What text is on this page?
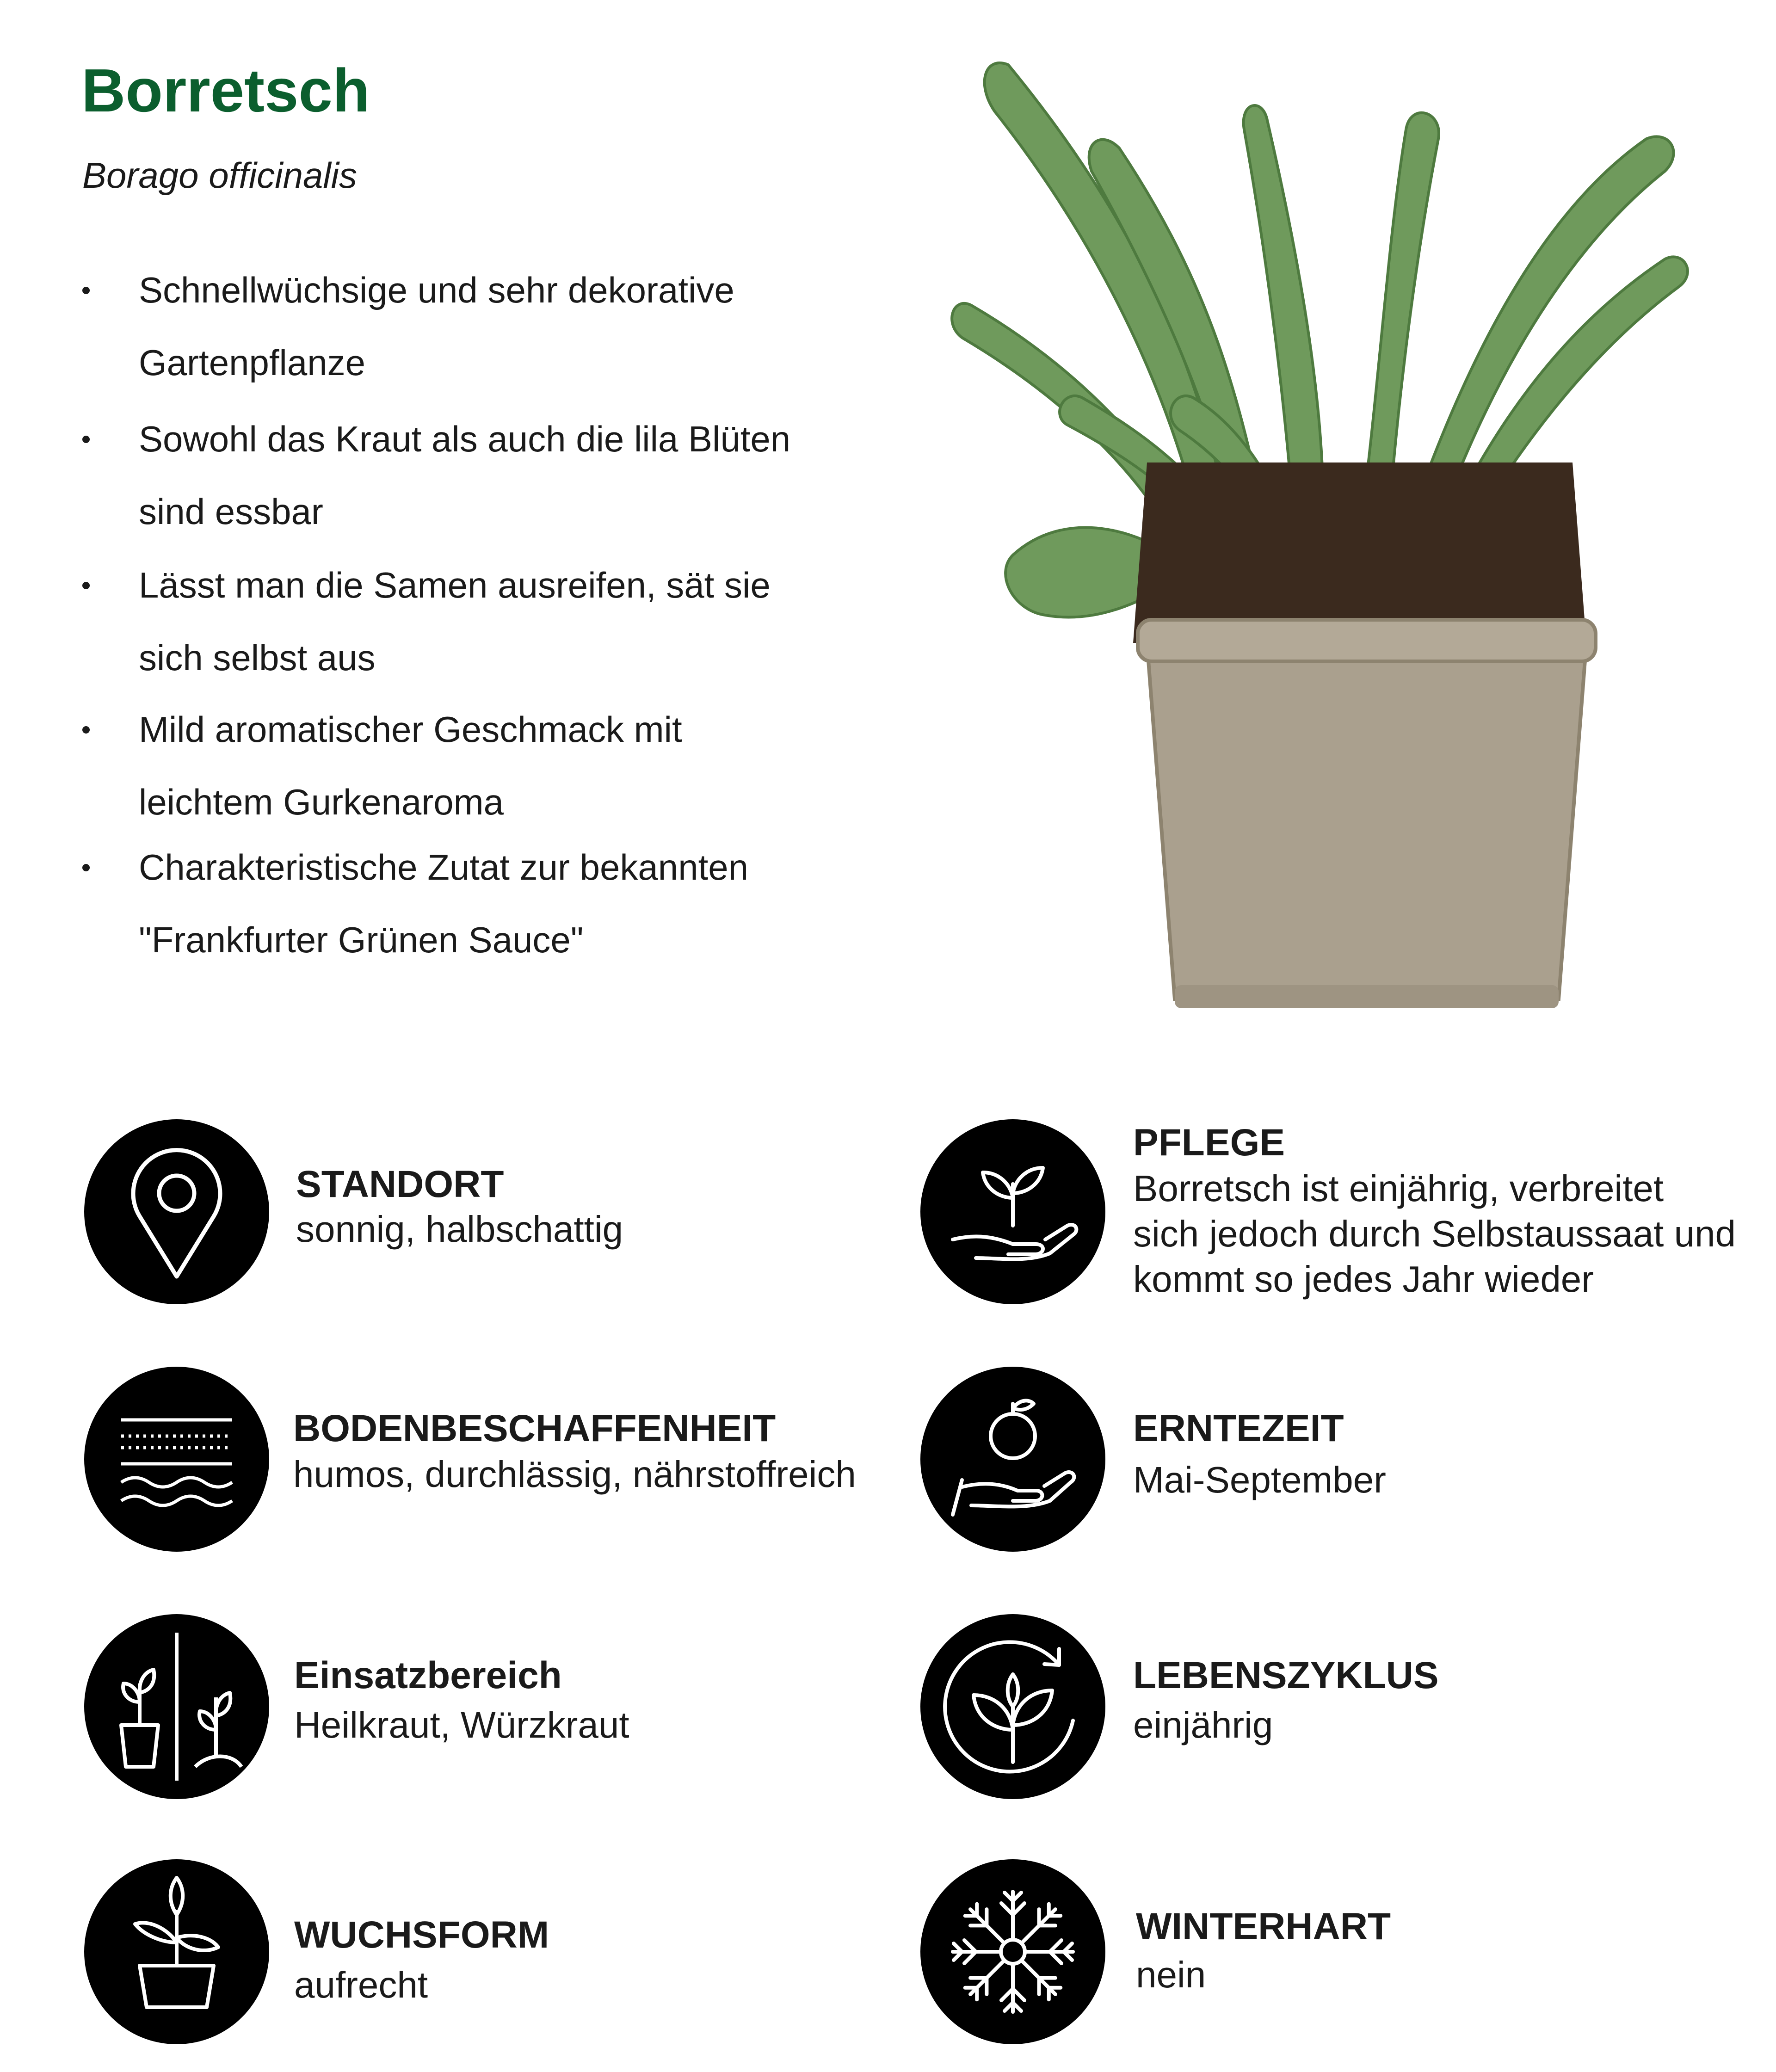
Borretsch
Borago officinalis
Schnellwüchsige und sehr dekorative
Gartenpflanze
Sowohl das Kraut als auch die lila Blüten
sind essbar
Lässt man die Samen ausreifen, sät sie
sich selbst aus
Mild aromatischer Geschmack mit
leichtem Gurkenaroma
Charakteristische Zutat zur bekannten
"Frankfurter Grünen Sauce"
STANDORT
sonnig, halbschattig
BODENBESCHAFFENHEIT
humos, durchlässig, nährstoffreich
Einsatzbereich
Heilkraut, Würzkraut
WUCHSFORM
aufrecht
PFLEGE
Borretsch ist einjährig, verbreitet
sich jedoch durch Selbstaussaat und
kommt so jedes Jahr wieder
ERNTEZEIT
Mai-September
LEBENSZYKLUS
einjährig
WINTERHART
nein
